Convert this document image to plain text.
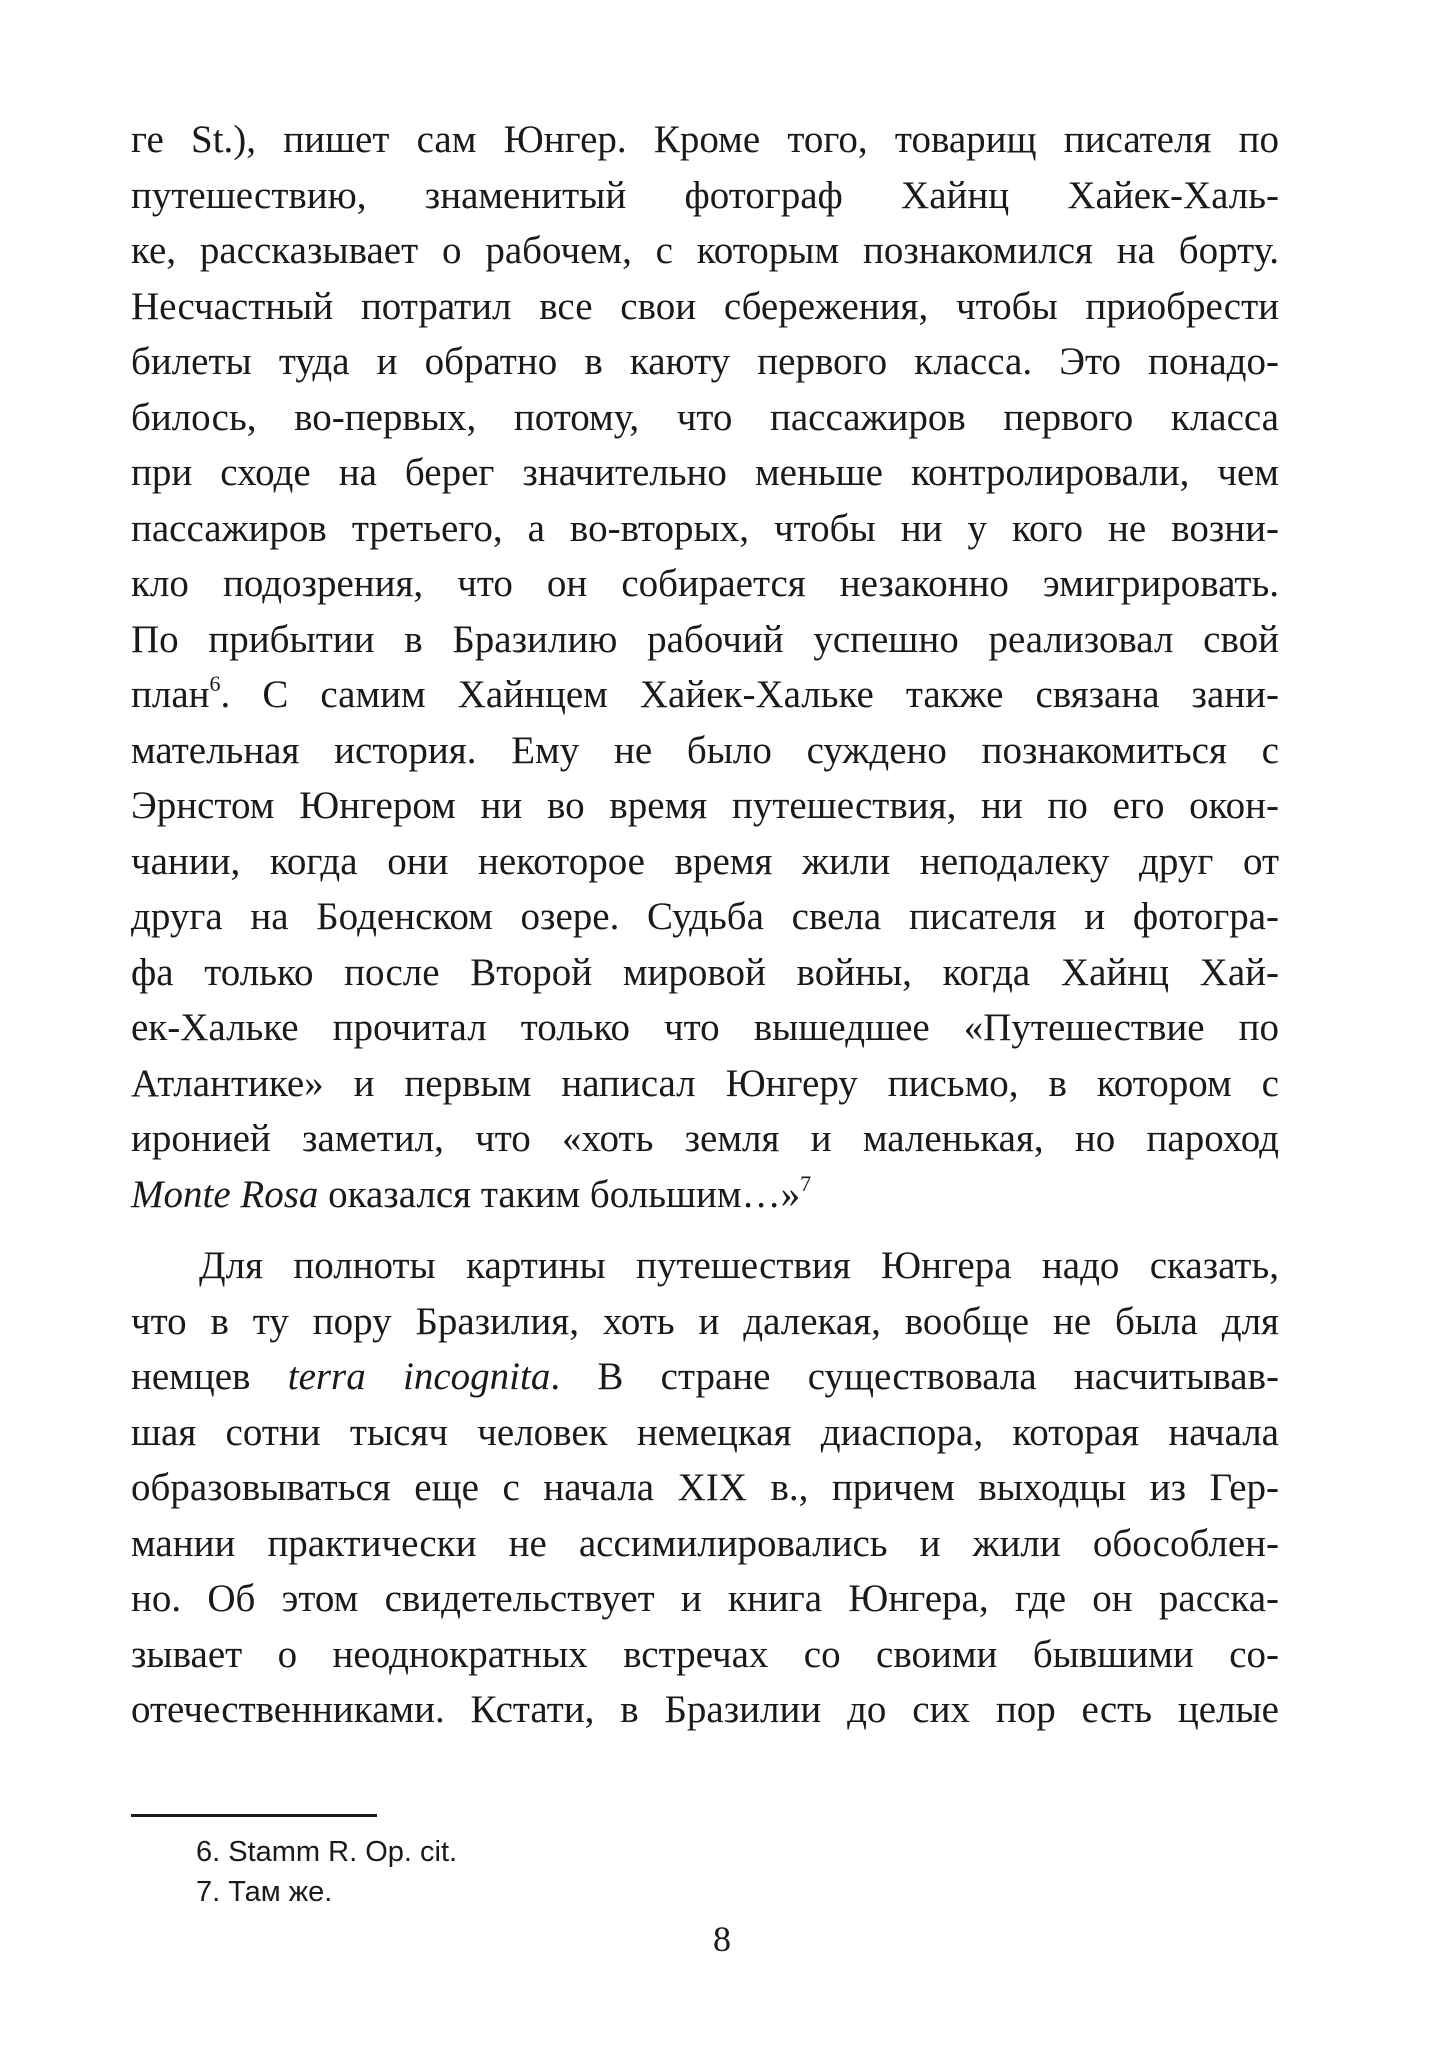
ге St.), пишет сам Юнгер. Кроме того, товарищ писателя по
путешествию, знаменитый фотограф Хайнц Хайек-Халь-
ке, рассказывает о рабочем, с которым познакомился на борту.
Несчастный потратил все свои сбережения, чтобы приобрести
билеты туда и обратно в каюту первого класса. Это понадо-
билось, во-первых, потому, что пассажиров первого класса
при сходе на берег значительно меньше контролировали, чем
пассажиров третьего, а во-вторых, чтобы ни у кого не возни-
кло подозрения, что он собирается незаконно эмигрировать.
По прибытии в Бразилию рабочий успешно реализовал свой
план$^6$. С самим Хайнцем Хайек-Хальке также связана зани-
мательная история. Ему не было суждено познакомиться с
Эрнстом Юнгером ни во время путешествия, ни по его окон-
чании, когда они некоторое время жили неподалеку друг от
друга на Боденском озере. Судьба свела писателя и фотогра-
фа только после Второй мировой войны, когда Хайнц Хай-
ек-Хальке прочитал только что вышедшее «Путешествие по
Атлантике» и первым написал Юнгеру письмо, в котором с
иронией заметил, что «хоть земля и маленькая, но пароход
Monte Rosa оказался таким большим…»$^7$

Для полноты картины путешествия Юнгера надо сказать,
что в ту пору Бразилия, хоть и далекая, вообще не была для
немцев terra incognita. В стране существовала насчитывав-
шая сотни тысяч человек немецкая диаспора, которая начала
образовываться еще с начала XIX в., причем выходцы из Гер-
мании практически не ассимилировались и жили обособлен-
но. Об этом свидетельствует и книга Юнгера, где он расска-
зывает о неоднократных встречах со своими бывшими со-
отечественниками. Кстати, в Бразилии до сих пор есть целые

6. Stamm R. Op. cit.

7. Там же.

8
